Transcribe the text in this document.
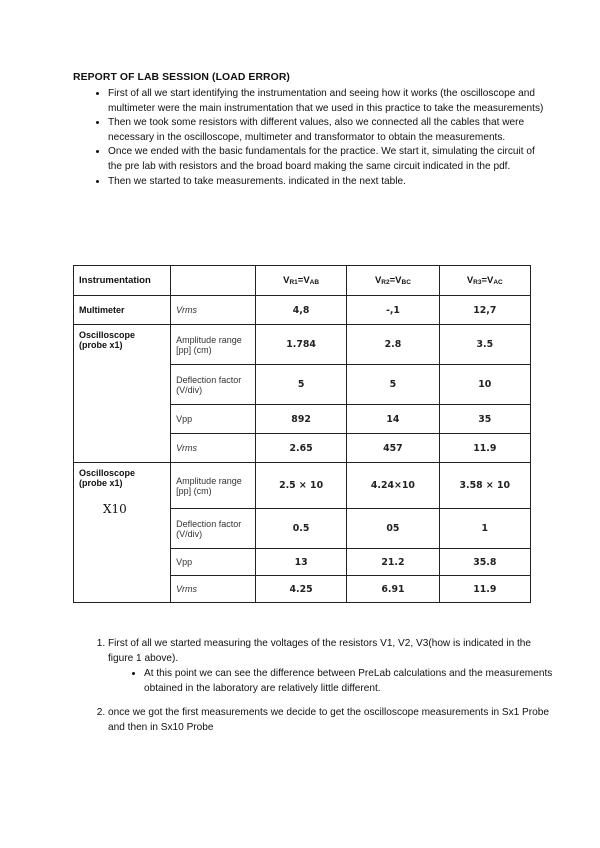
REPORT OF LAB SESSION (LOAD ERROR)
• First of all we start identifying the instrumentation and seeing how it works (the oscilloscope and multimeter were the main instrumentation that we used in this practice to take the measurements)
• Then we took some resistors with different values, also we connected all the cables that were necessary in the oscilloscope, multimeter and transformator to obtain the measurements.
• Once we ended with the basic fundamentals for the practice. We start it, simulating the circuit of the pre lab with resistors and the broad board making the same circuit indicated in the pdf.
• Then we started to take measurements. indicated in the next table.
Instrumentation		$V_{R1}=V_{AB}$	$V_{R2}=V_{BC}$	$V_{R3}=V_{AC}$
Multimeter	Vrms	4,8	-,1	12,7
Oscilloscope (probe x1)	Amplitude range [pp] (cm)	1.784	2.8	3.5
	Deflection factor (V/div)	5	5	10
	Vpp	892	14	35
	Vrms	2.65	457	11.9
Oscilloscope (probe x1)
X10	Amplitude range [pp] (cm)	2.5 × 10	4.24×10	3.58 × 10
	Deflection factor (V/div)	0.5	05	1
	Vpp	13	21.2	35.8
	Vrms	4.25	6.91	11.9
1. First of all we started measuring the voltages of the resistors V1, V2, V3(how is indicated in the figure 1 above).
• At this point we can see the difference between PreLab calculations and the measurements obtained in the laboratory are relatively little different.
2. once we got the first measurements we decide to get the oscilloscope measurements in Sx1 Probe and then in Sx10 Probe
